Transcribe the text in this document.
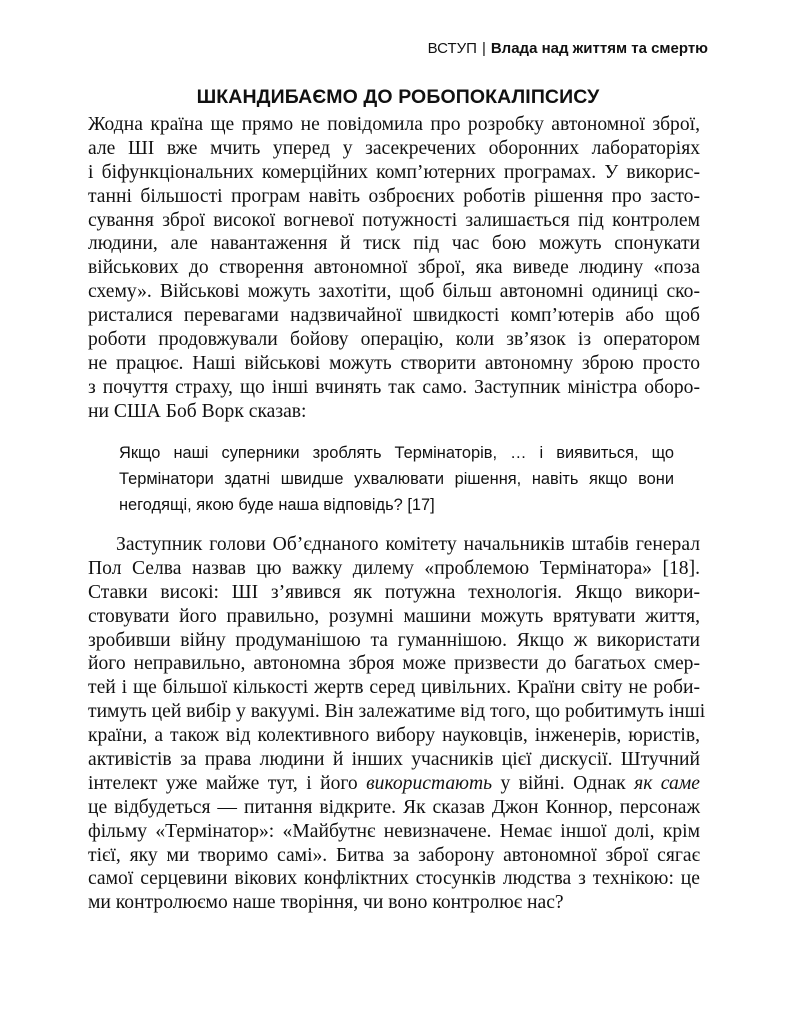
ВСТУП | Влада над життям та смертю
ШКАНДИБАЄМО ДО РОБОПОКАЛІПСИСУ
Жодна країна ще прямо не повідомила про розробку автономної зброї,
але ШІ вже мчить уперед у засекречених оборонних лабораторіях
і біфункціональних комерційних комп’ютерних програмах. У викорис-
танні більшості програм навіть озброєних роботів рішення про засто-
сування зброї високої вогневої потужності залишається під контролем
людини, але навантаження й тиск під час бою можуть спонукати
військових до створення автономної зброї, яка виведе людину «поза
схему». Військові можуть захотіти, щоб більш автономні одиниці ско-
ристалися перевагами надзвичайної швидкості комп’ютерів або щоб
роботи продовжували бойову операцію, коли зв’язок із оператором
не працює. Наші військові можуть створити автономну зброю просто
з почуття страху, що інші вчинять так само. Заступник міністра оборо-
ни США Боб Ворк сказав:
Якщо наші суперники зроблять Термінаторів, … і виявиться, що
Термінатори здатні швидше ухвалювати рішення, навіть якщо вони
негодящі, якою буде наша відповідь? [17]
Заступник голови Об’єднаного комітету начальників штабів генерал
Пол Селва назвав цю важку дилему «проблемою Термінатора» [18].
Ставки високі: ШІ з’явився як потужна технологія. Якщо викори-
стовувати його правильно, розумні машини можуть врятувати життя,
зробивши війну продуманішою та гуманнішою. Якщо ж використати
його неправильно, автономна зброя може призвести до багатьох смер-
тей і ще більшої кількості жертв серед цивільних. Країни світу не роби-
тимуть цей вибір у вакуумі. Він залежатиме від того, що робитимуть інші
країни, а також від колективного вибору науковців, інженерів, юристів,
активістів за права людини й інших учасників цієї дискусії. Штучний
інтелект уже майже тут, і його використають у війні. Однак як саме
це відбудеться — питання відкрите. Як сказав Джон Коннор, персонаж
фільму «Термінатор»: «Майбутнє невизначене. Немає іншої долі, крім
тієї, яку ми творимо самі». Битва за заборону автономної зброї сягає
самої серцевини вікових конфліктних стосунків людства з технікою: це
ми контролюємо наше творіння, чи воно контролює нас?
